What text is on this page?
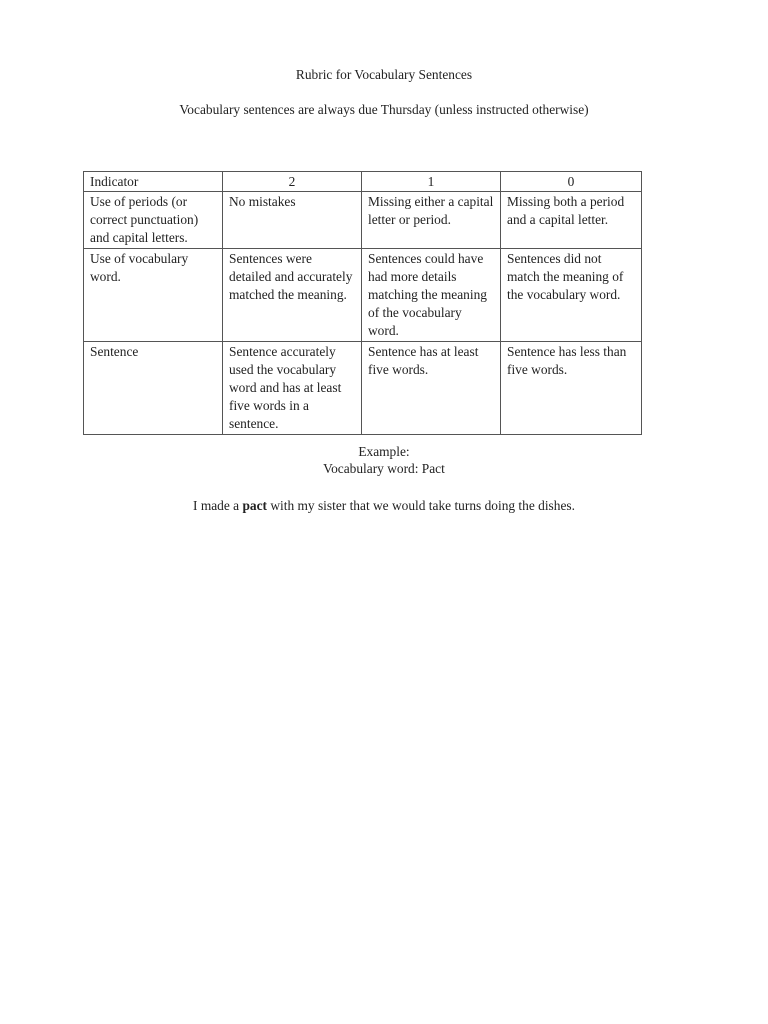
Rubric for Vocabulary Sentences
Vocabulary sentences are always due Thursday (unless instructed otherwise)
Indicator	2	1	0
Use of periods (or correct punctuation) and capital letters.	No mistakes	Missing either a capital letter or period.	Missing both a period and a capital letter.
Use of vocabulary word.	Sentences were detailed and accurately matched the meaning.	Sentences could have had more details matching the meaning of the vocabulary word.	Sentences did not match the meaning of the vocabulary word.
Sentence	Sentence accurately used the vocabulary word and has at least five words in a sentence.	Sentence has at least five words.	Sentence has less than five words.
Example:
Vocabulary word: Pact
I made a pact with my sister that we would take turns doing the dishes.
